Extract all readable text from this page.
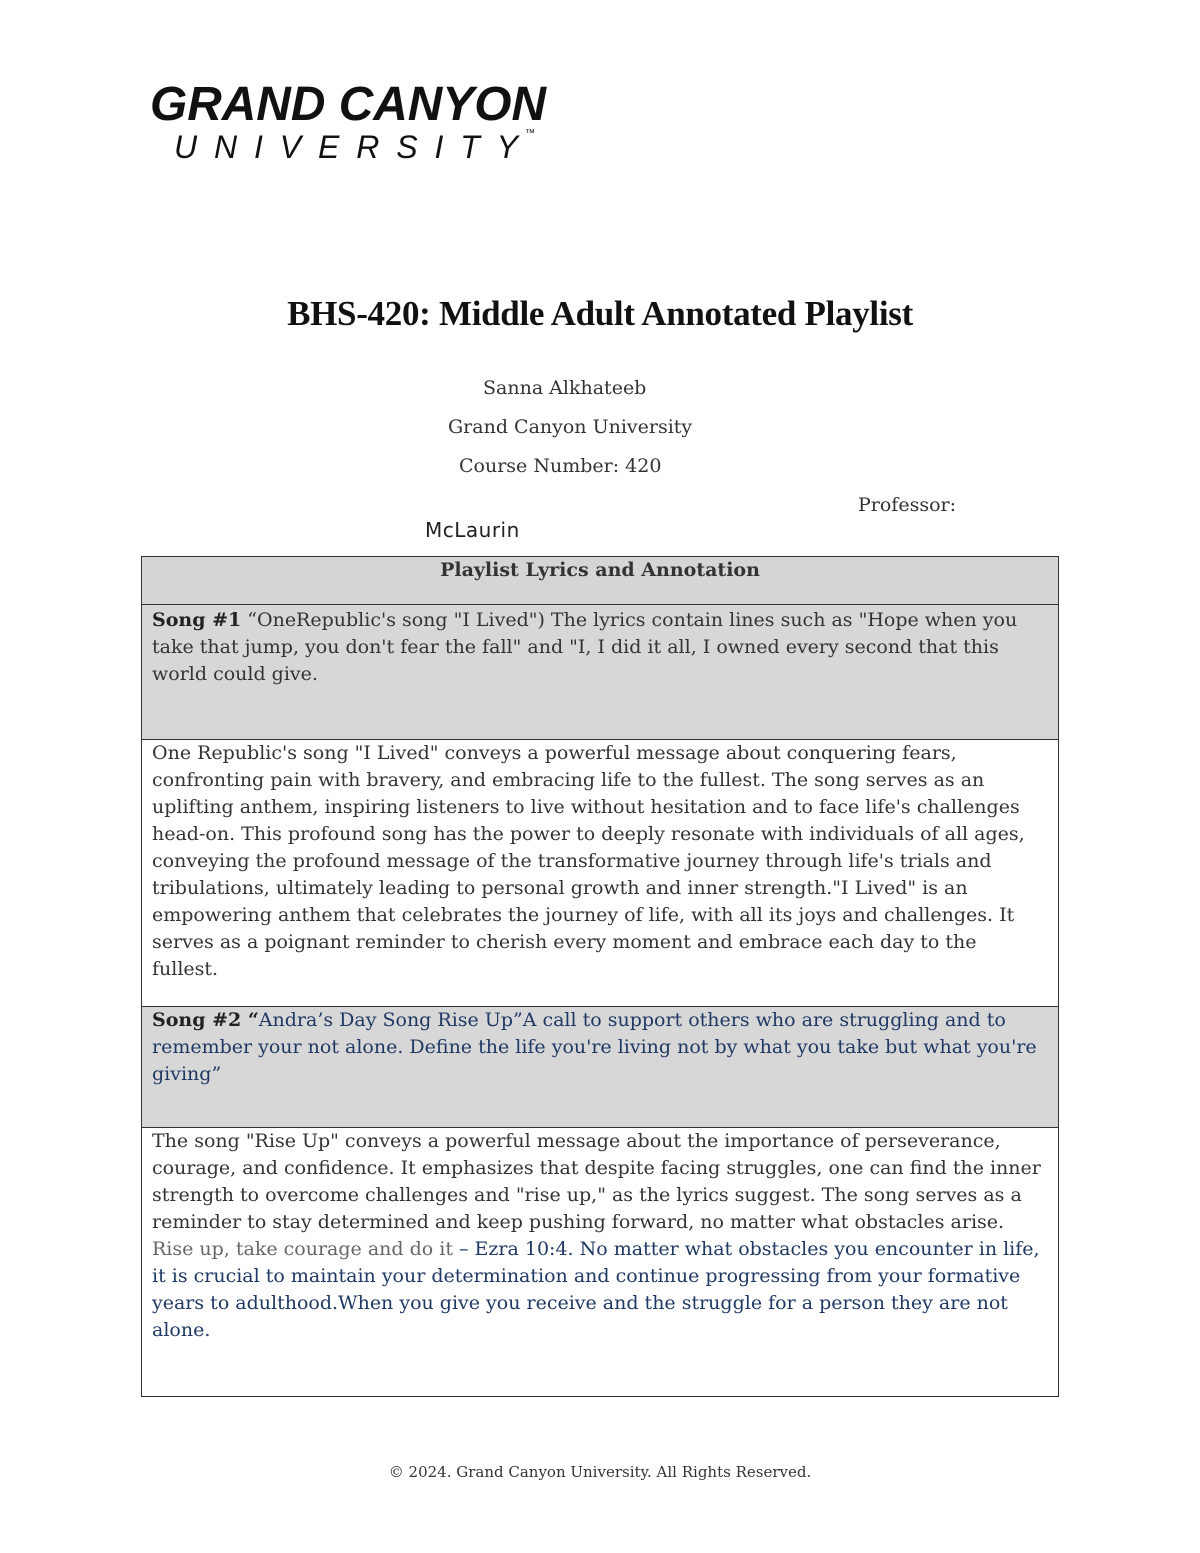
GRAND CANYON
UNIVERSITY ™
BHS-420: Middle Adult Annotated Playlist
Sanna Alkhateeb
Grand Canyon University
Course Number: 420
Professor:
McLaurin
Playlist Lyrics and Annotation
Song #1 “OneRepublic's song "I Lived") The lyrics contain lines such as "Hope when you take that jump, you don't fear the fall" and "I, I did it all, I owned every second that this world could give.
One Republic's song "I Lived" conveys a powerful message about conquering fears, confronting pain with bravery, and embracing life to the fullest. The song serves as an uplifting anthem, inspiring listeners to live without hesitation and to face life's challenges head-on. This profound song has the power to deeply resonate with individuals of all ages, conveying the profound message of the transformative journey through life's trials and tribulations, ultimately leading to personal growth and inner strength."I Lived" is an empowering anthem that celebrates the journey of life, with all its joys and challenges. It serves as a poignant reminder to cherish every moment and embrace each day to the fullest.
Song #2 “Andra’s Day Song Rise Up”A call to support others who are struggling and to remember your not alone. Define the life you're living not by what you take but what you're giving”
The song "Rise Up" conveys a powerful message about the importance of perseverance, courage, and confidence. It emphasizes that despite facing struggles, one can find the inner strength to overcome challenges and "rise up," as the lyrics suggest. The song serves as a reminder to stay determined and keep pushing forward, no matter what obstacles arise. Rise up, take courage and do it – Ezra 10:4. No matter what obstacles you encounter in life, it is crucial to maintain your determination and continue progressing from your formative years to adulthood.When you give you receive and the struggle for a person they are not alone.
© 2024. Grand Canyon University. All Rights Reserved.
